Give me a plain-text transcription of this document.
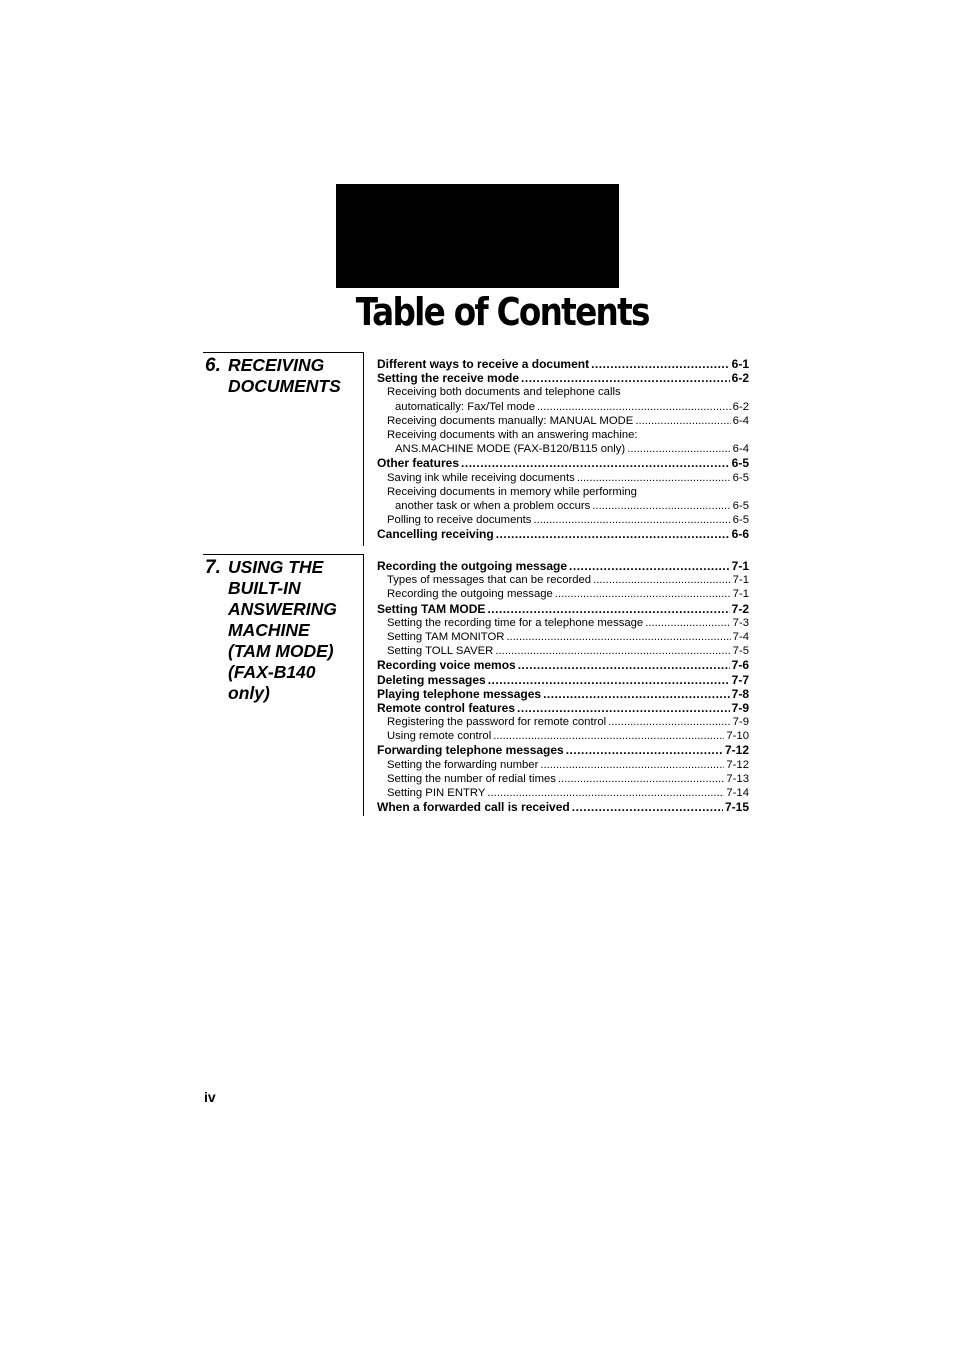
Table of Contents
6. RECEIVING
DOCUMENTS
Different ways to receive a document .....	6-1
Setting the receive mode .....	6-2
Receiving both documents and telephone calls
automatically: Fax/Tel mode .....	6-2
Receiving documents manually: MANUAL MODE .....	6-4
Receiving documents with an answering machine:
ANS.MACHINE MODE (FAX-B120/B115 only) .....	6-4
Other features .....	6-5
Saving ink while receiving documents .....	6-5
Receiving documents in memory while performing
another task or when a problem occurs .....	6-5
Polling to receive documents .....	6-5
Cancelling receiving .....	6-6
7. USING THE
BUILT-IN
ANSWERING
MACHINE
(TAM MODE)
(FAX-B140 only)
Recording the outgoing message .....	7-1
Types of messages that can be recorded .....	7-1
Recording the outgoing message .....	7-1
Setting TAM MODE .....	7-2
Setting the recording time for a telephone message .....	7-3
Setting TAM MONITOR .....	7-4
Setting TOLL SAVER .....	7-5
Recording voice memos .....	7-6
Deleting messages .....	7-7
Playing telephone messages .....	7-8
Remote control features .....	7-9
Registering the password for remote control .....	7-9
Using remote control .....	7-10
Forwarding telephone messages .....	7-12
Setting the forwarding number .....	7-12
Setting the number of redial times .....	7-13
Setting PIN ENTRY .....	7-14
When a forwarded call is received .....	7-15
iv
